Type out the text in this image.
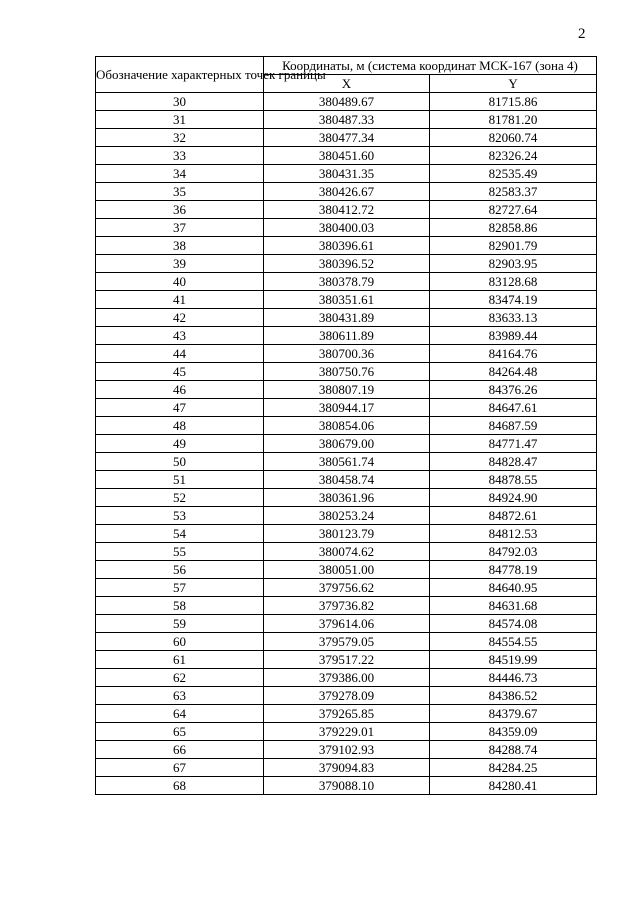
2
Обозначение характерных точек границы	Координаты, м (система координат МСК-167 (зона 4)	
	X	Y
30	380489.67	81715.86
31	380487.33	81781.20
32	380477.34	82060.74
33	380451.60	82326.24
34	380431.35	82535.49
35	380426.67	82583.37
36	380412.72	82727.64
37	380400.03	82858.86
38	380396.61	82901.79
39	380396.52	82903.95
40	380378.79	83128.68
41	380351.61	83474.19
42	380431.89	83633.13
43	380611.89	83989.44
44	380700.36	84164.76
45	380750.76	84264.48
46	380807.19	84376.26
47	380944.17	84647.61
48	380854.06	84687.59
49	380679.00	84771.47
50	380561.74	84828.47
51	380458.74	84878.55
52	380361.96	84924.90
53	380253.24	84872.61
54	380123.79	84812.53
55	380074.62	84792.03
56	380051.00	84778.19
57	379756.62	84640.95
58	379736.82	84631.68
59	379614.06	84574.08
60	379579.05	84554.55
61	379517.22	84519.99
62	379386.00	84446.73
63	379278.09	84386.52
64	379265.85	84379.67
65	379229.01	84359.09
66	379102.93	84288.74
67	379094.83	84284.25
68	379088.10	84280.41
